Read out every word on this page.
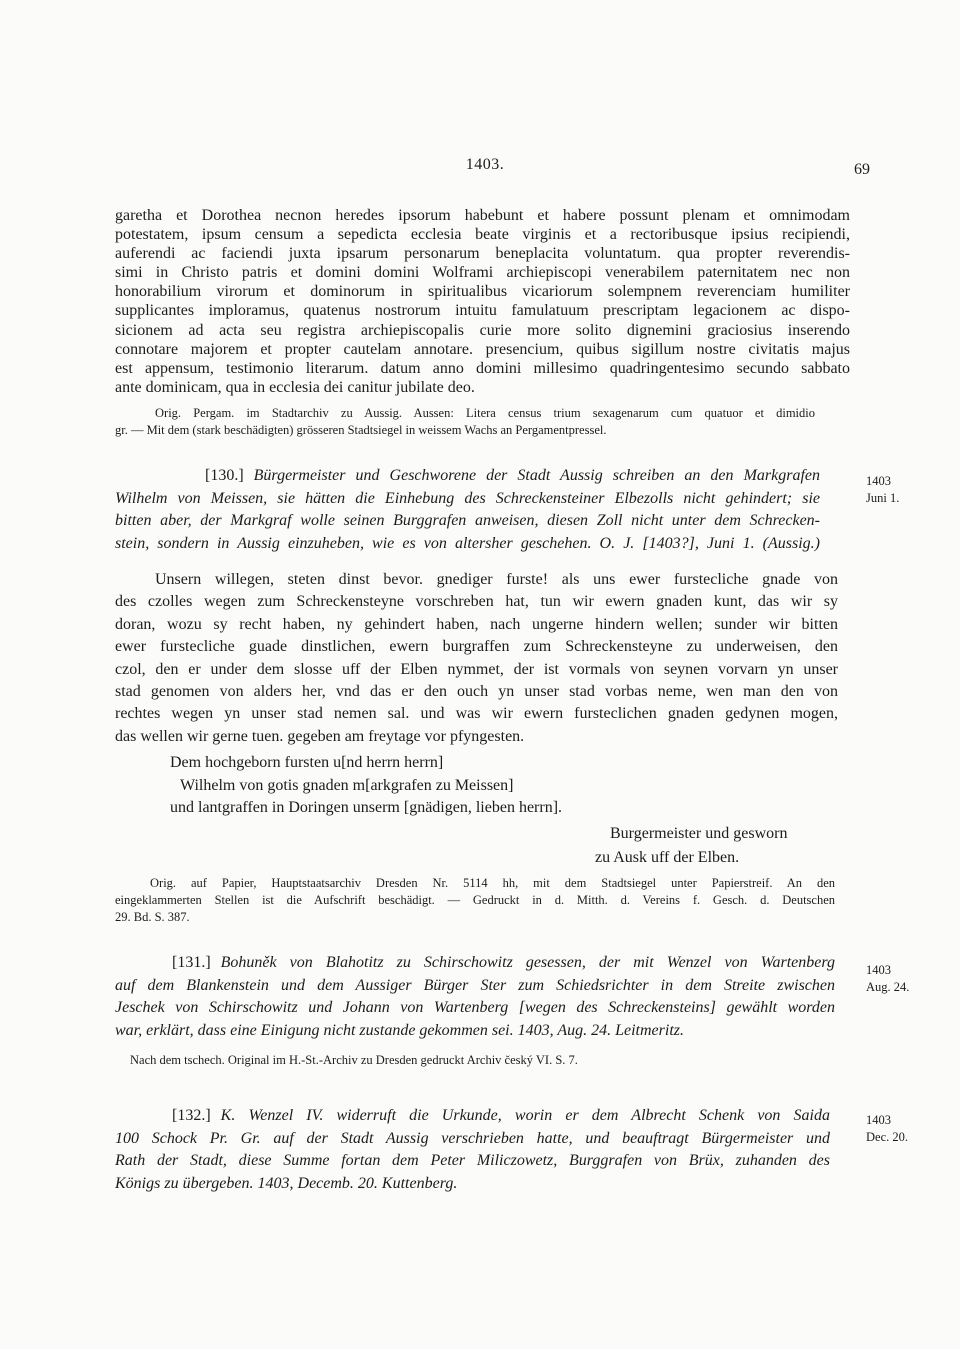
1403.	69
garetha et Dorothea necnon heredes ipsorum habebunt et habere possunt plenam et omnimodam
potestatem, ipsum censum a sepedicta ecclesia beate virginis et a rectoribusque ipsius recipiendi,
auferendi ac faciendi juxta ipsarum personarum beneplacita voluntatum. qua propter reverendis-
simi in Christo patris et domini domini Wolframi archiepiscopi venerabilem paternitatem nec non
honorabilium virorum et dominorum in spiritualibus vicariorum solempnem reverenciam humiliter
supplicantes imploramus, quatenus nostrorum intuitu famulatuum prescriptam legacionem ac dispo-
sicionem ad acta seu registra archiepiscopalis curie more solito dignemini graciosius inserendo
connotare majorem et propter cautelam annotare. presencium, quibus sigillum nostre civitatis majus
est appensum, testimonio literarum. datum anno domini millesimo quadringentesimo secundo sabbato
ante dominicam, qua in ecclesia dei canitur jubilate deo.
Orig. Pergam. im Stadtarchiv zu Aussig. Aussen: Litera census trium sexagenarum cum quatuor et dimidio
gr. — Mit dem (stark beschädigten) grösseren Stadtsiegel in weissem Wachs an Pergamentpressel.
[130.] Bürgermeister und Geschworene der Stadt Aussig schreiben an den Markgrafen
Wilhelm von Meissen, sie hätten die Einhebung des Schreckensteiner Elbezolls nicht gehindert; sie
bitten aber, der Markgraf wolle seinen Burggrafen anweisen, diesen Zoll nicht unter dem Schrecken-
stein, sondern in Aussig einzuheben, wie es von altersher geschehen. O. J. [1403?], Juni 1. (Aussig.)
1403
Juni 1.
Unsern willegen, steten dinst bevor. gnediger furste! als uns ewer furstecliche gnade von
des czolles wegen zum Schreckensteyne vorschreben hat, tun wir ewern gnaden kunt, das wir sy
doran, wozu sy recht haben, ny gehindert haben, nach ungerne hindern wellen; sunder wir bitten
ewer furstecliche guade dinstlichen, ewern burgraffen zum Schreckensteyne zu underweisen, den
czol, den er under dem slosse uff der Elben nymmet, der ist vormals von seynen vorvarn yn unser
stad genomen von alders her, vnd das er den ouch yn unser stad vorbas neme, wen man den von
rechtes wegen yn unser stad nemen sal. und was wir ewern fursteclichen gnaden gedynen mogen,
das wellen wir gerne tuen. gegeben am freytage vor pfyngesten.
Dem hochgeborn fursten u[nd herrn herrn]
Wilhelm von gotis gnaden m[arkgrafen zu Meissen]
und lantgraffen in Doringen unserm [gnädigen, lieben herrn].
Burgermeister und gesworn
zu Ausk uff der Elben.
Orig. auf Papier, Hauptstaatsarchiv Dresden Nr. 5114 hh, mit dem Stadtsiegel unter Papierstreif. An den
eingeklammerten Stellen ist die Aufschrift beschädigt. — Gedruckt in d. Mitth. d. Vereins f. Gesch. d. Deutschen
29. Bd. S. 387.
[131.] Bohuněk von Blahotitz zu Schirschowitz gesessen, der mit Wenzel von Wartenberg
auf dem Blankenstein und dem Aussiger Bürger Ster zum Schiedsrichter in dem Streite zwischen
Jeschek von Schirschowitz und Johann von Wartenberg [wegen des Schreckensteins] gewählt worden
war, erklärt, dass eine Einigung nicht zustande gekommen sei. 1403, Aug. 24. Leitmeritz.
1403
Aug. 24.
Nach dem tschech. Original im H.-St.-Archiv zu Dresden gedruckt Archiv český VI. S. 7.
[132.] K. Wenzel IV. widerruft die Urkunde, worin er dem Albrecht Schenk von Saida
100 Schock Pr. Gr. auf der Stadt Aussig verschrieben hatte, und beauftragt Bürgermeister und
Rath der Stadt, diese Summe fortan dem Peter Miliczowetz, Burggrafen von Brüx, zuhanden des
Königs zu übergeben. 1403, Decemb. 20. Kuttenberg.
1403
Dec. 20.
